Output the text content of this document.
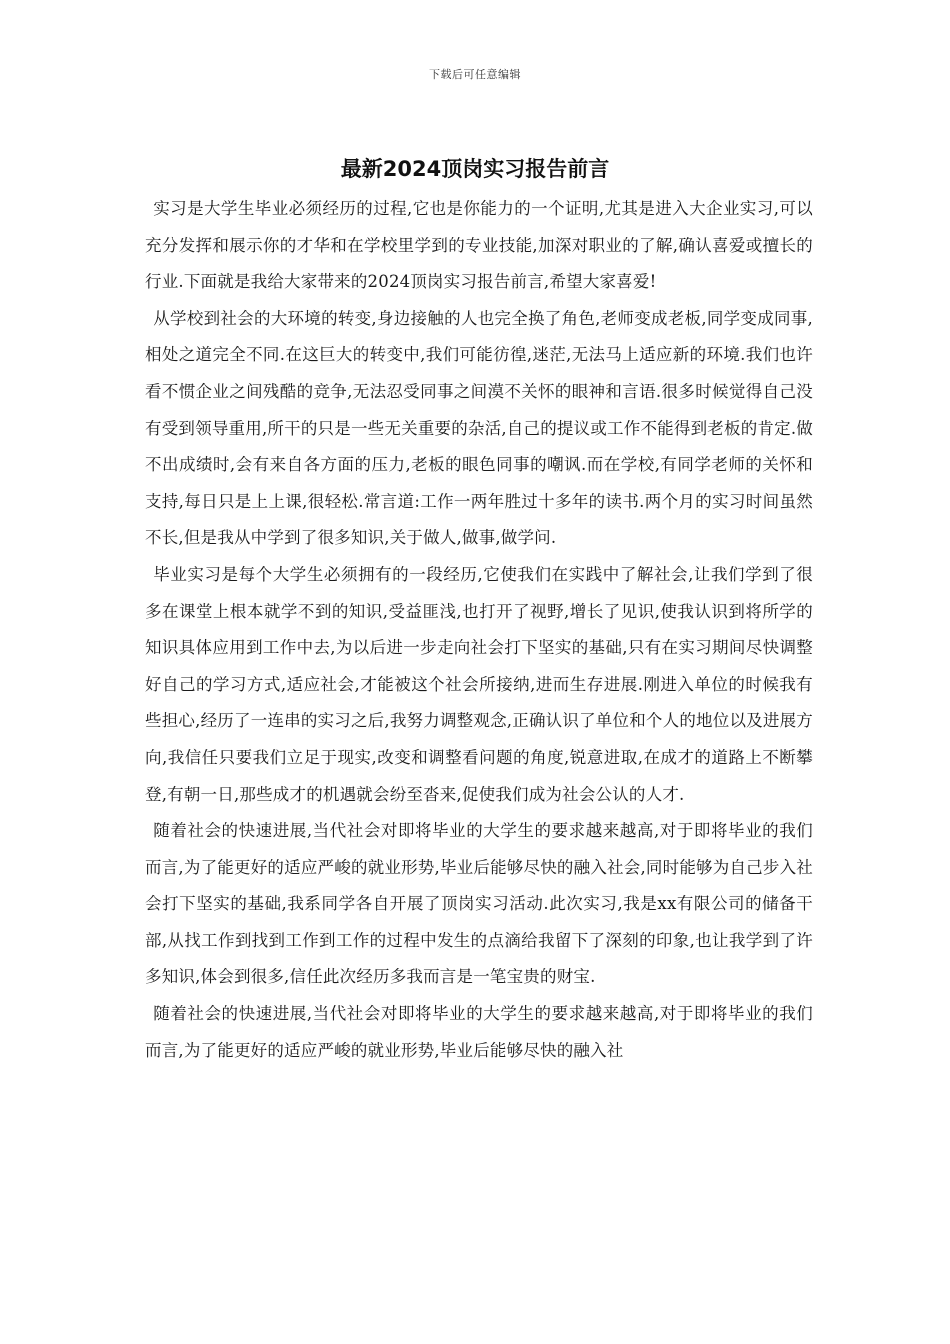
下载后可任意编辑
最新2024顶岗实习报告前言

实习是大学生毕业必须经历的过程,它也是你能力的一个证明,尤其是进入大企业实习,可以充分发挥和展示你的才华和在学校里学到的专业技能,加深对职业的了解,确认喜爱或擅长的行业.下面就是我给大家带来的2024顶岗实习报告前言,希望大家喜爱!

从学校到社会的大环境的转变,身边接触的人也完全换了角色,老师变成老板,同学变成同事,相处之道完全不同.在这巨大的转变中,我们可能彷徨,迷茫,无法马上适应新的环境.我们也许看不惯企业之间残酷的竞争,无法忍受同事之间漠不关怀的眼神和言语.很多时候觉得自己没有受到领导重用,所干的只是一些无关重要的杂活,自己的提议或工作不能得到老板的肯定.做不出成绩时,会有来自各方面的压力,老板的眼色同事的嘲讽.而在学校,有同学老师的关怀和支持,每日只是上上课,很轻松.常言道:工作一两年胜过十多年的读书.两个月的实习时间虽然不长,但是我从中学到了很多知识,关于做人,做事,做学问.

毕业实习是每个大学生必须拥有的一段经历,它使我们在实践中了解社会,让我们学到了很多在课堂上根本就学不到的知识,受益匪浅,也打开了视野,增长了见识,使我认识到将所学的知识具体应用到工作中去,为以后进一步走向社会打下坚实的基础,只有在实习期间尽快调整好自己的学习方式,适应社会,才能被这个社会所接纳,进而生存进展.刚进入单位的时候我有些担心,经历了一连串的实习之后,我努力调整观念,正确认识了单位和个人的地位以及进展方向,我信任只要我们立足于现实,改变和调整看问题的角度,锐意进取,在成才的道路上不断攀登,有朝一日,那些成才的机遇就会纷至沓来,促使我们成为社会公认的人才.

随着社会的快速进展,当代社会对即将毕业的大学生的要求越来越高,对于即将毕业的我们而言,为了能更好的适应严峻的就业形势,毕业后能够尽快的融入社会,同时能够为自己步入社会打下坚实的基础,我系同学各自开展了顶岗实习活动.此次实习,我是xx有限公司的储备干部,从找工作到找到工作到工作的过程中发生的点滴给我留下了深刻的印象,也让我学到了许多知识,体会到很多,信任此次经历多我而言是一笔宝贵的财宝.

随着社会的快速进展,当代社会对即将毕业的大学生的要求越来越高,对于即将毕业的我们而言,为了能更好的适应严峻的就业形势,毕业后能够尽快的融入社
